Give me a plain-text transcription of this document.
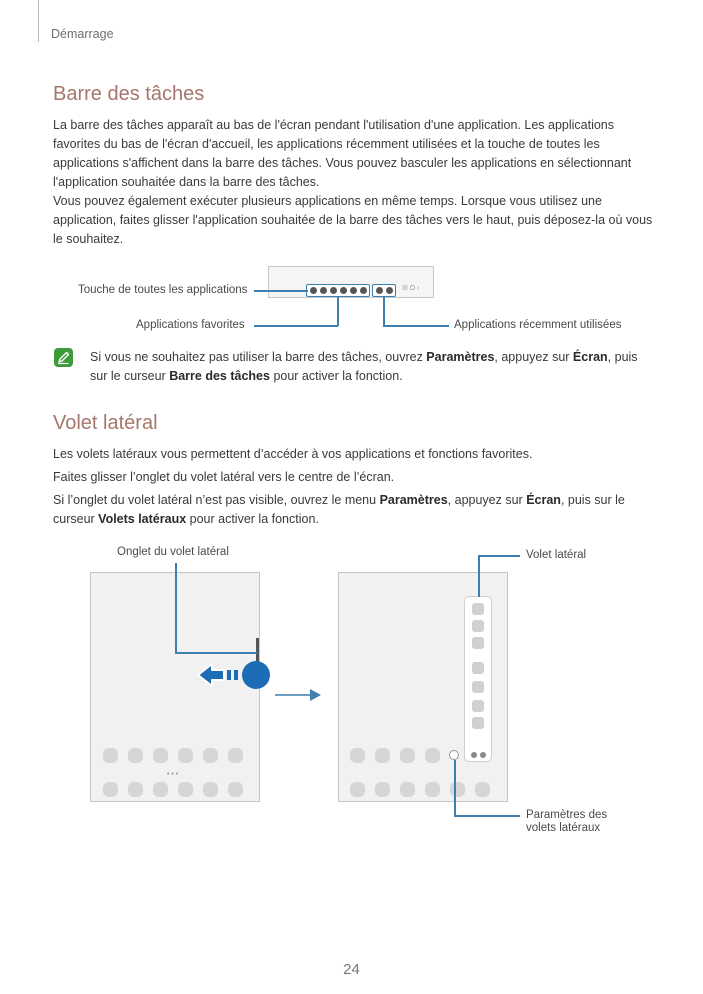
Démarrage
Barre des tâches

La barre des tâches apparaît au bas de l'écran pendant l'utilisation d'une application. Les applications favorites du bas de l'écran d'accueil, les applications récemment utilisées et la touche de toutes les applications s'affichent dans la barre des tâches. Vous pouvez basculer les applications en sélectionnant l'application souhaitée dans la barre des tâches.

Vous pouvez également exécuter plusieurs applications en même temps. Lorsque vous utilisez une application, faites glisser l'application souhaitée de la barre des tâches vers le haut, puis déposez-la où vous le souhaitez.

III O ‹
Touche de toutes les applications
Applications favorites	Applications récemment utilisées

Si vous ne souhaitez pas utiliser la barre des tâches, ouvrez Paramètres, appuyez sur Écran, puis sur le curseur Barre des tâches pour activer la fonction.

Volet latéral

Les volets latéraux vous permettent d’accéder à vos applications et fonctions favorites.

Faites glisser l’onglet du volet latéral vers le centre de l’écran.

Si l’onglet du volet latéral n’est pas visible, ouvrez le menu Paramètres, appuyez sur Écran, puis sur le curseur Volets latéraux pour activer la fonction.

• • •
Onglet du volet latéral	Volet latéral
Paramètres des volets latéraux
24
